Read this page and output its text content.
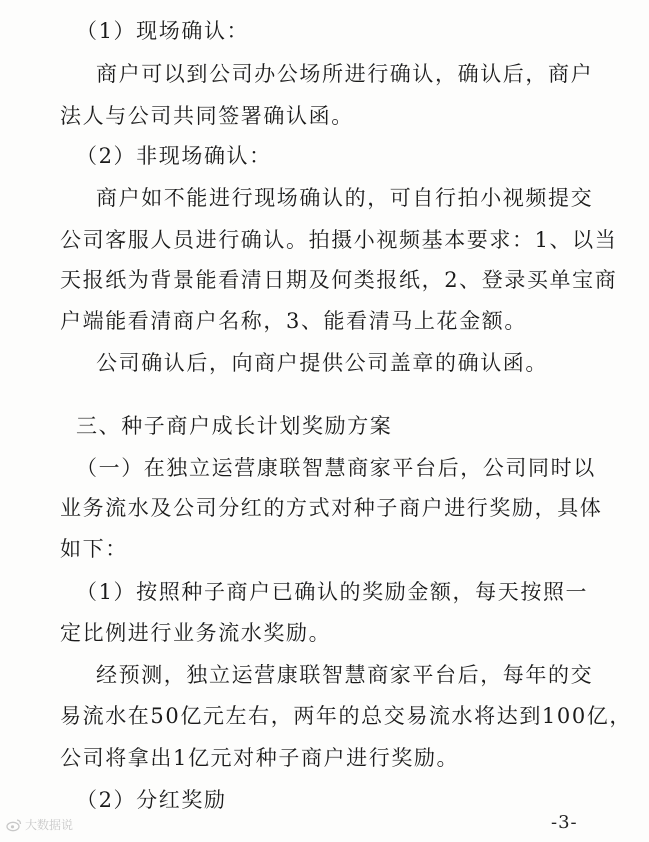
（1）现场确认：
商户可以到公司办公场所进行确认，确认后，商户
法人与公司共同签署确认函。
（2）非现场确认：
商户如不能进行现场确认的，可自行拍小视频提交
公司客服人员进行确认。拍摄小视频基本要求：1、以当
天报纸为背景能看清日期及何类报纸，2、登录买单宝商
户端能看清商户名称，3、能看清马上花金额。
公司确认后，向商户提供公司盖章的确认函。
三、种子商户成长计划奖励方案
（一）在独立运营康联智慧商家平台后，公司同时以
业务流水及公司分红的方式对种子商户进行奖励，具体
如下：
（1）按照种子商户已确认的奖励金额，每天按照一
定比例进行业务流水奖励。
经预测，独立运营康联智慧商家平台后，每年的交
易流水在50亿元左右，两年的总交易流水将达到100亿，
公司将拿出1亿元对种子商户进行奖励。
（2）分红奖励
-3-
大数据说
